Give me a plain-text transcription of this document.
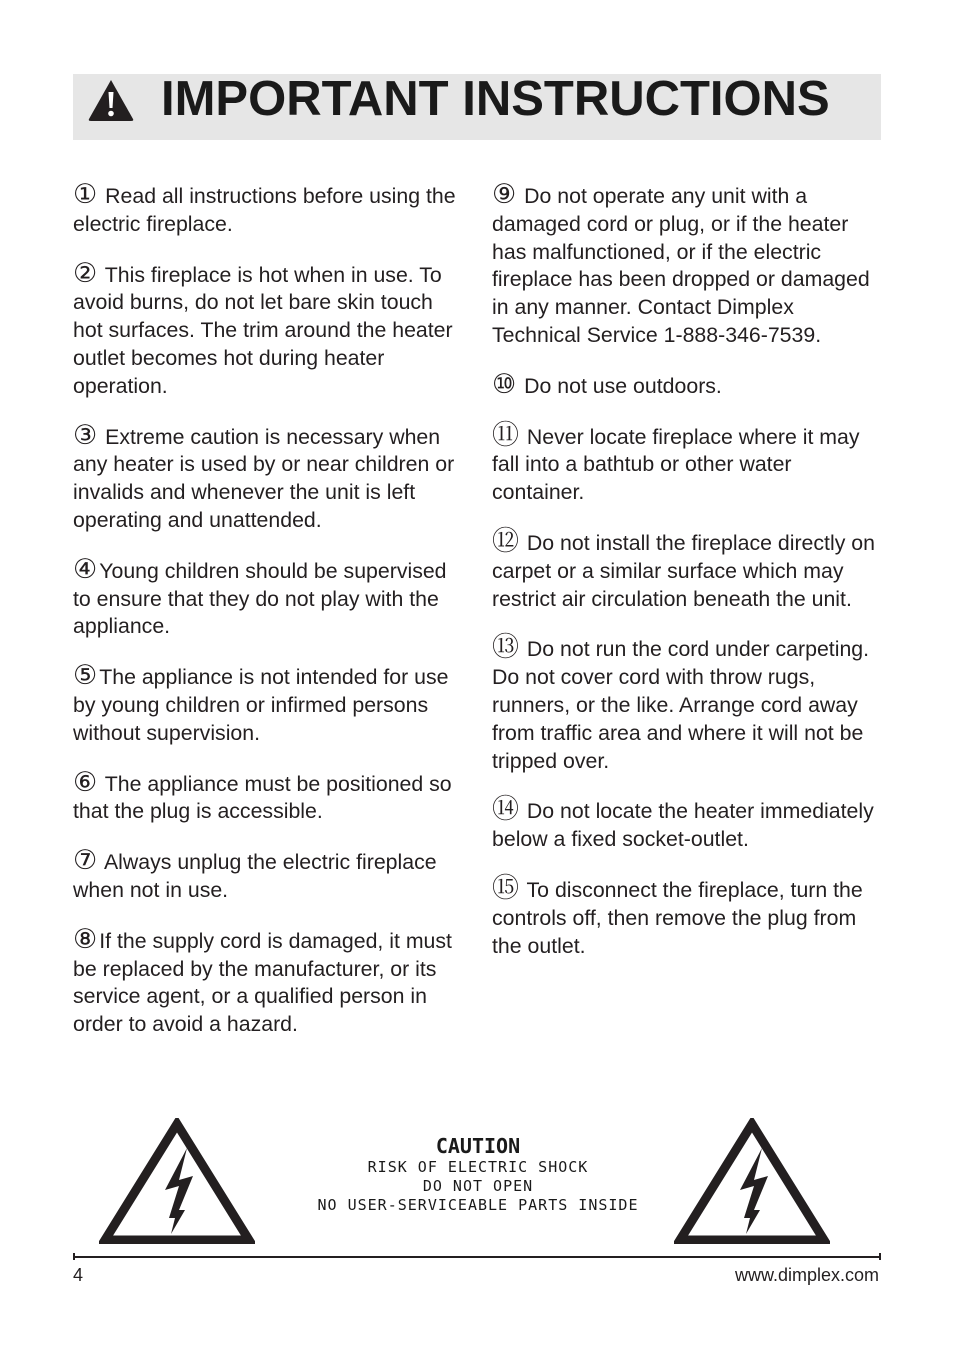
IMPORTANT INSTRUCTIONS

① Read all instructions before using the electric fireplace.

② This fireplace is hot when in use. To avoid burns, do not let bare skin touch hot surfaces. The trim around the heater outlet becomes hot during heater operation.

③ Extreme caution is necessary when any heater is used by or near children or invalids and whenever the unit is left operating and unattended.

④Young children should be supervised to ensure that they do not play with the appliance.

⑤The appliance is not intended for use by young children or infirmed persons without supervision.

⑥ The appliance must be positioned so that the plug is accessible.

⑦ Always unplug the electric fireplace when not in use.

⑧If the supply cord is damaged, it must be replaced by the manufacturer, or its service agent, or a qualified person in order to avoid a hazard.

⑨ Do not operate any unit with a damaged cord or plug, or if the heater has malfunctioned, or if the electric fireplace has been dropped or damaged in any manner. Contact Dimplex Technical Service 1-888-346-7539.

⑩ Do not use outdoors.

⑪ Never locate fireplace where it may fall into a bathtub or other water container.

⑫ Do not install the fireplace directly on carpet or a similar surface which may restrict air circulation beneath the unit.

⑬ Do not run the cord under carpeting. Do not cover cord with throw rugs, runners, or the like. Arrange cord away from traffic area and where it will not be tripped over.

⑭ Do not locate the heater immediately below a fixed socket-outlet.

⑮ To disconnect the fireplace, turn the controls off, then remove the plug from the outlet.

CAUTION
RISK OF ELECTRIC SHOCK
DO NOT OPEN
NO USER-SERVICEABLE PARTS INSIDE
4	www.dimplex.com
